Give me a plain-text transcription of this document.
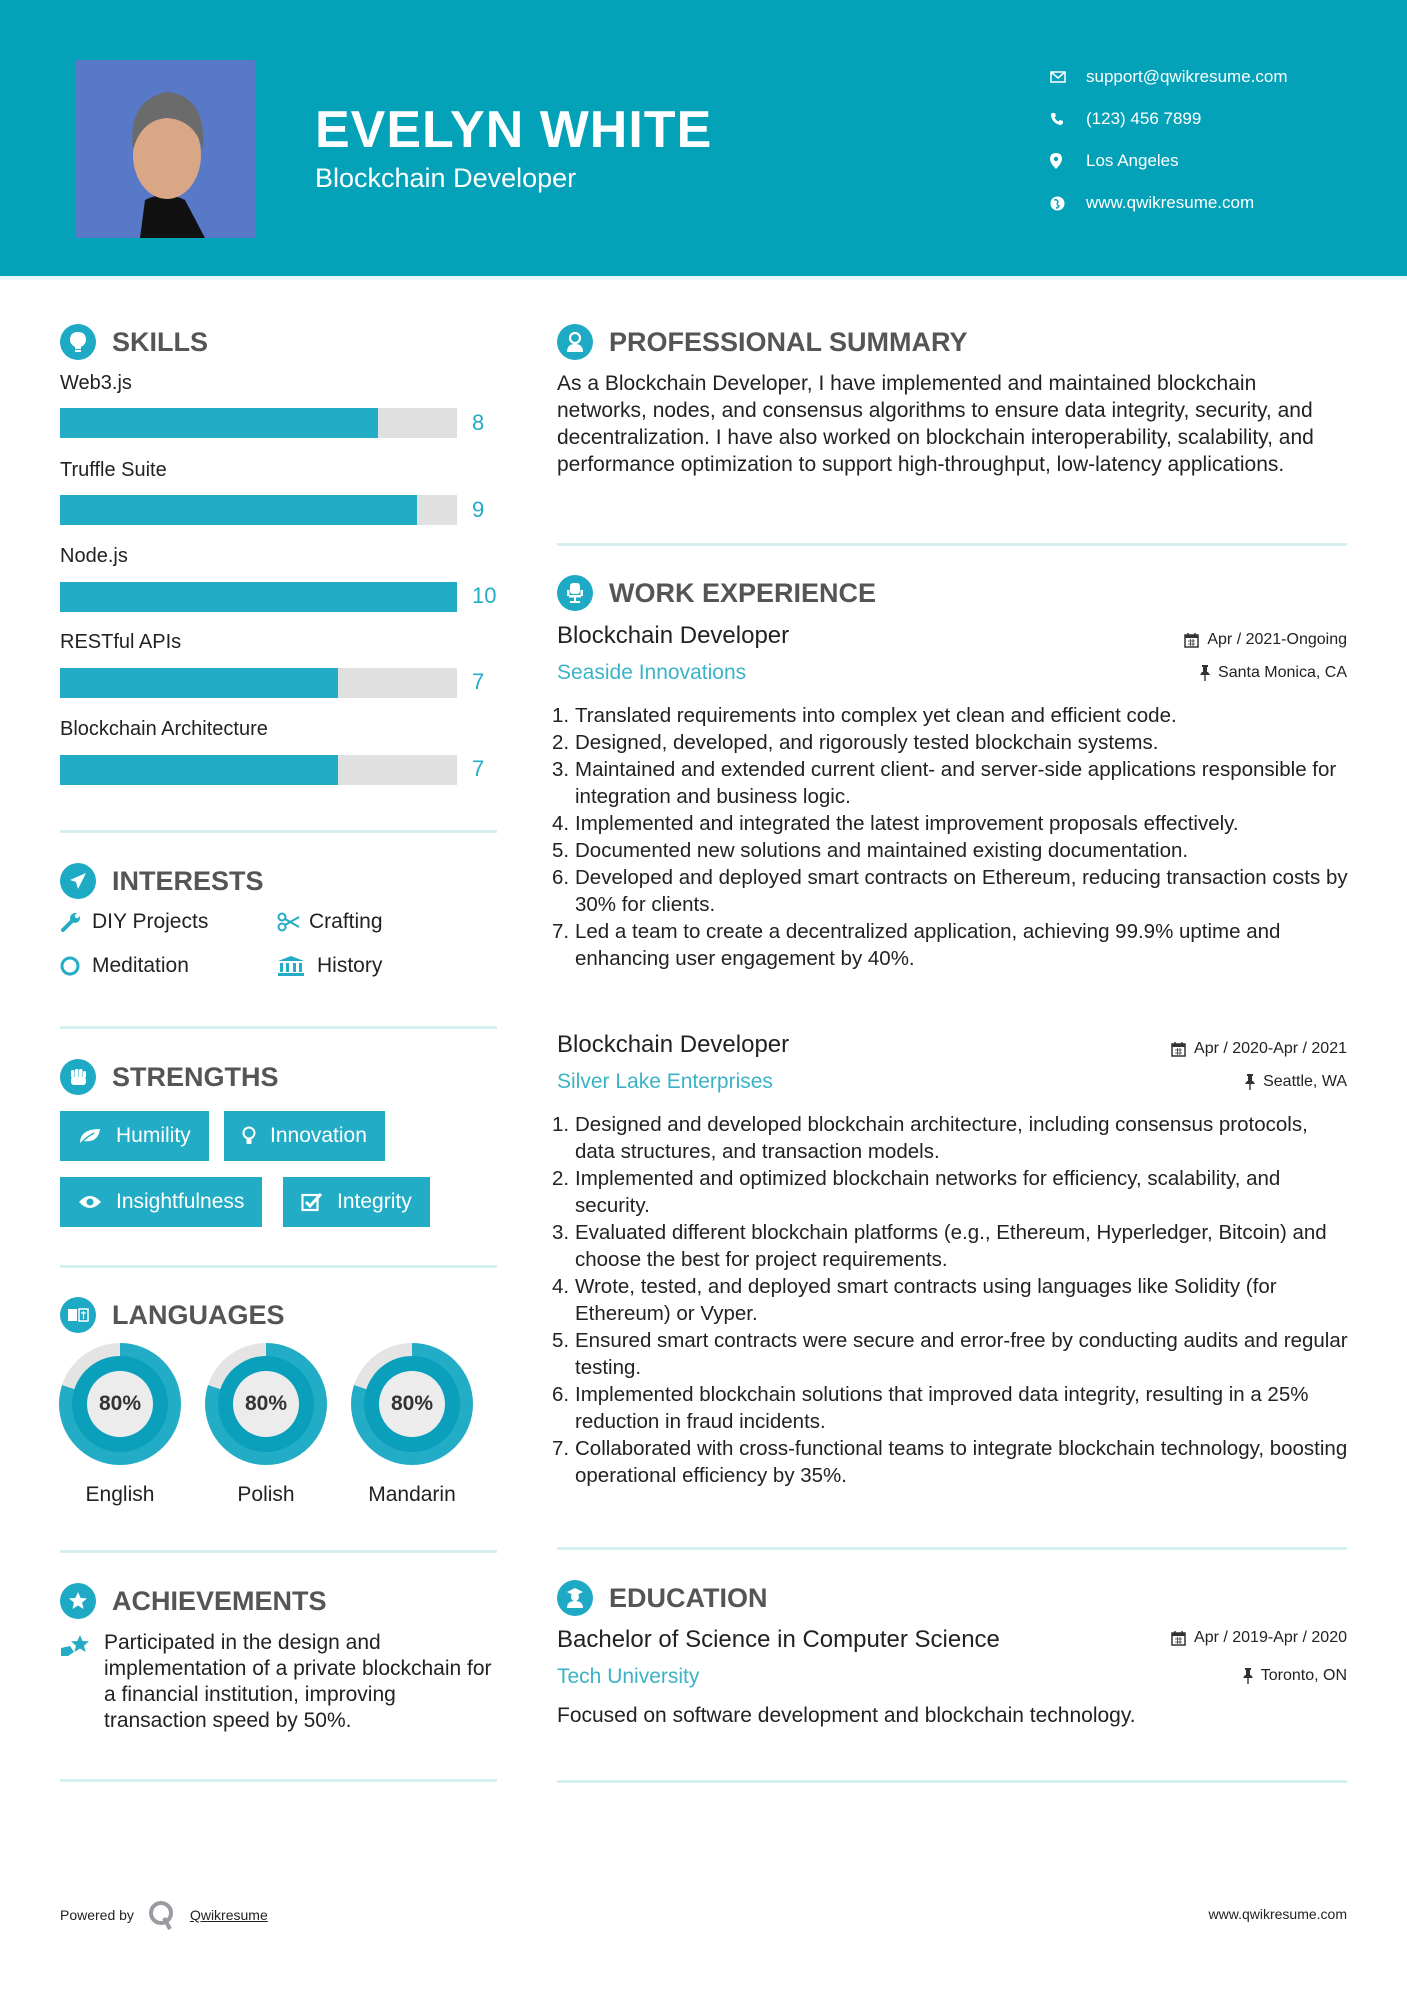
EVELYN WHITE
Blockchain Developer
support@qwikresume.com
(123) 456 7899
Los Angeles
www.qwikresume.com
SKILLS
Web3.js
8
Truffle Suite
9
Node.js
10
RESTful APIs
7
Blockchain Architecture
7
INTERESTS
DIY Projects	Crafting
Meditation	History
STRENGTHS
Humility	Innovation
Insightfulness	Integrity
LANGUAGES
80%
English
80%
Polish
80%
Mandarin
ACHIEVEMENTS
Participated in the design and implementation of a private blockchain for a financial institution, improving transaction speed by 50%.
PROFESSIONAL SUMMARY
As a Blockchain Developer, I have implemented and maintained blockchain networks, nodes, and consensus algorithms to ensure data integrity, security, and decentralization. I have also worked on blockchain interoperability, scalability, and performance optimization to support high-throughput, low-latency applications.
WORK EXPERIENCE
Blockchain Developer	Apr / 2021-Ongoing
Seaside Innovations	Santa Monica, CA
1. Translated requirements into complex yet clean and efficient code.
2. Designed, developed, and rigorously tested blockchain systems.
3. Maintained and extended current client- and server-side applications responsible for integration and business logic.
4. Implemented and integrated the latest improvement proposals effectively.
5. Documented new solutions and maintained existing documentation.
6. Developed and deployed smart contracts on Ethereum, reducing transaction costs by 30% for clients.
7. Led a team to create a decentralized application, achieving 99.9% uptime and enhancing user engagement by 40%.
Blockchain Developer	Apr / 2020-Apr / 2021
Silver Lake Enterprises	Seattle, WA
1. Designed and developed blockchain architecture, including consensus protocols, data structures, and transaction models.
2. Implemented and optimized blockchain networks for efficiency, scalability, and security.
3. Evaluated different blockchain platforms (e.g., Ethereum, Hyperledger, Bitcoin) and choose the best for project requirements.
4. Wrote, tested, and deployed smart contracts using languages like Solidity (for Ethereum) or Vyper.
5. Ensured smart contracts were secure and error-free by conducting audits and regular testing.
6. Implemented blockchain solutions that improved data integrity, resulting in a 25% reduction in fraud incidents.
7. Collaborated with cross-functional teams to integrate blockchain technology, boosting operational efficiency by 35%.
EDUCATION
Bachelor of Science in Computer Science	Apr / 2019-Apr / 2020
Tech University	Toronto, ON
Focused on software development and blockchain technology.
Powered by	Qwikresume	www.qwikresume.com
